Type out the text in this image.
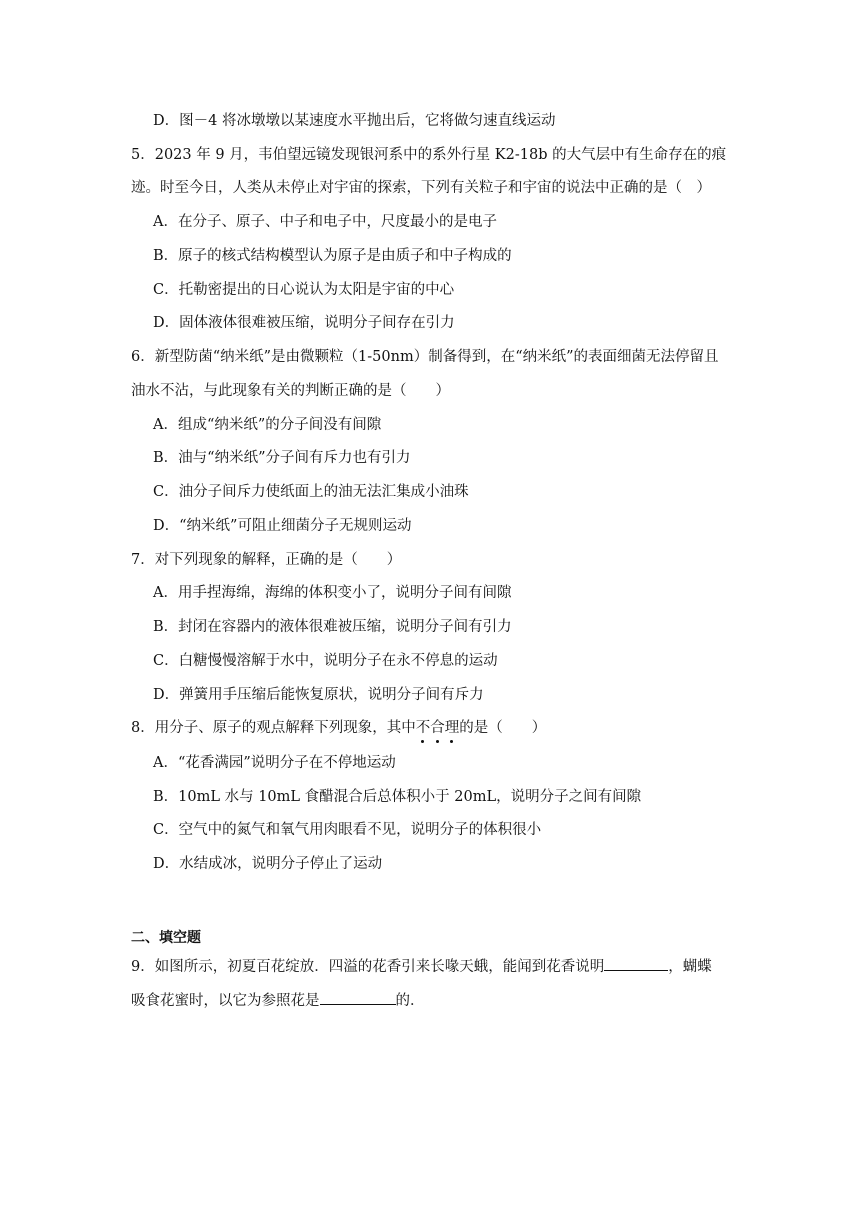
D．图－4 将冰墩墩以某速度水平抛出后，它将做匀速直线运动
5．2023 年 9 月，韦伯望远镜发现银河系中的系外行星 K2-18b 的大气层中有生命存在的痕
迹。时至今日，人类从未停止对宇宙的探索，下列有关粒子和宇宙的说法中正确的是（　）
A．在分子、原子、中子和电子中，尺度最小的是电子
B．原子的核式结构模型认为原子是由质子和中子构成的
C．托勒密提出的日心说认为太阳是宇宙的中心
D．固体液体很难被压缩，说明分子间存在引力
6．新型防菌“纳米纸”是由微颗粒（1-50nm）制备得到，在“纳米纸”的表面细菌无法停留且
油水不沾，与此现象有关的判断正确的是（　　）
A．组成“纳米纸”的分子间没有间隙
B．油与“纳米纸”分子间有斥力也有引力
C．油分子间斥力使纸面上的油无法汇集成小油珠
D．“纳米纸”可阻止细菌分子无规则运动
7．对下列现象的解释，正确的是（　　）
A．用手捏海绵，海绵的体积变小了，说明分子间有间隙
B．封闭在容器内的液体很难被压缩，说明分子间有引力
C．白糖慢慢溶解于水中，说明分子在永不停息的运动
D．弹簧用手压缩后能恢复原状，说明分子间有斥力
8．用分子、原子的观点解释下列现象，其中不合理的是（　　）
A．“花香满园”说明分子在不停地运动
B．10mL 水与 10mL 食醋混合后总体积小于 20mL，说明分子之间有间隙
C．空气中的氮气和氧气用肉眼看不见，说明分子的体积很小
D．水结成冰，说明分子停止了运动
二、填空题
9．如图所示，初夏百花绽放．四溢的花香引来长喙天蛾，能闻到花香说明	，蝴蝶
吸食花蜜时，以它为参照花是	的．
